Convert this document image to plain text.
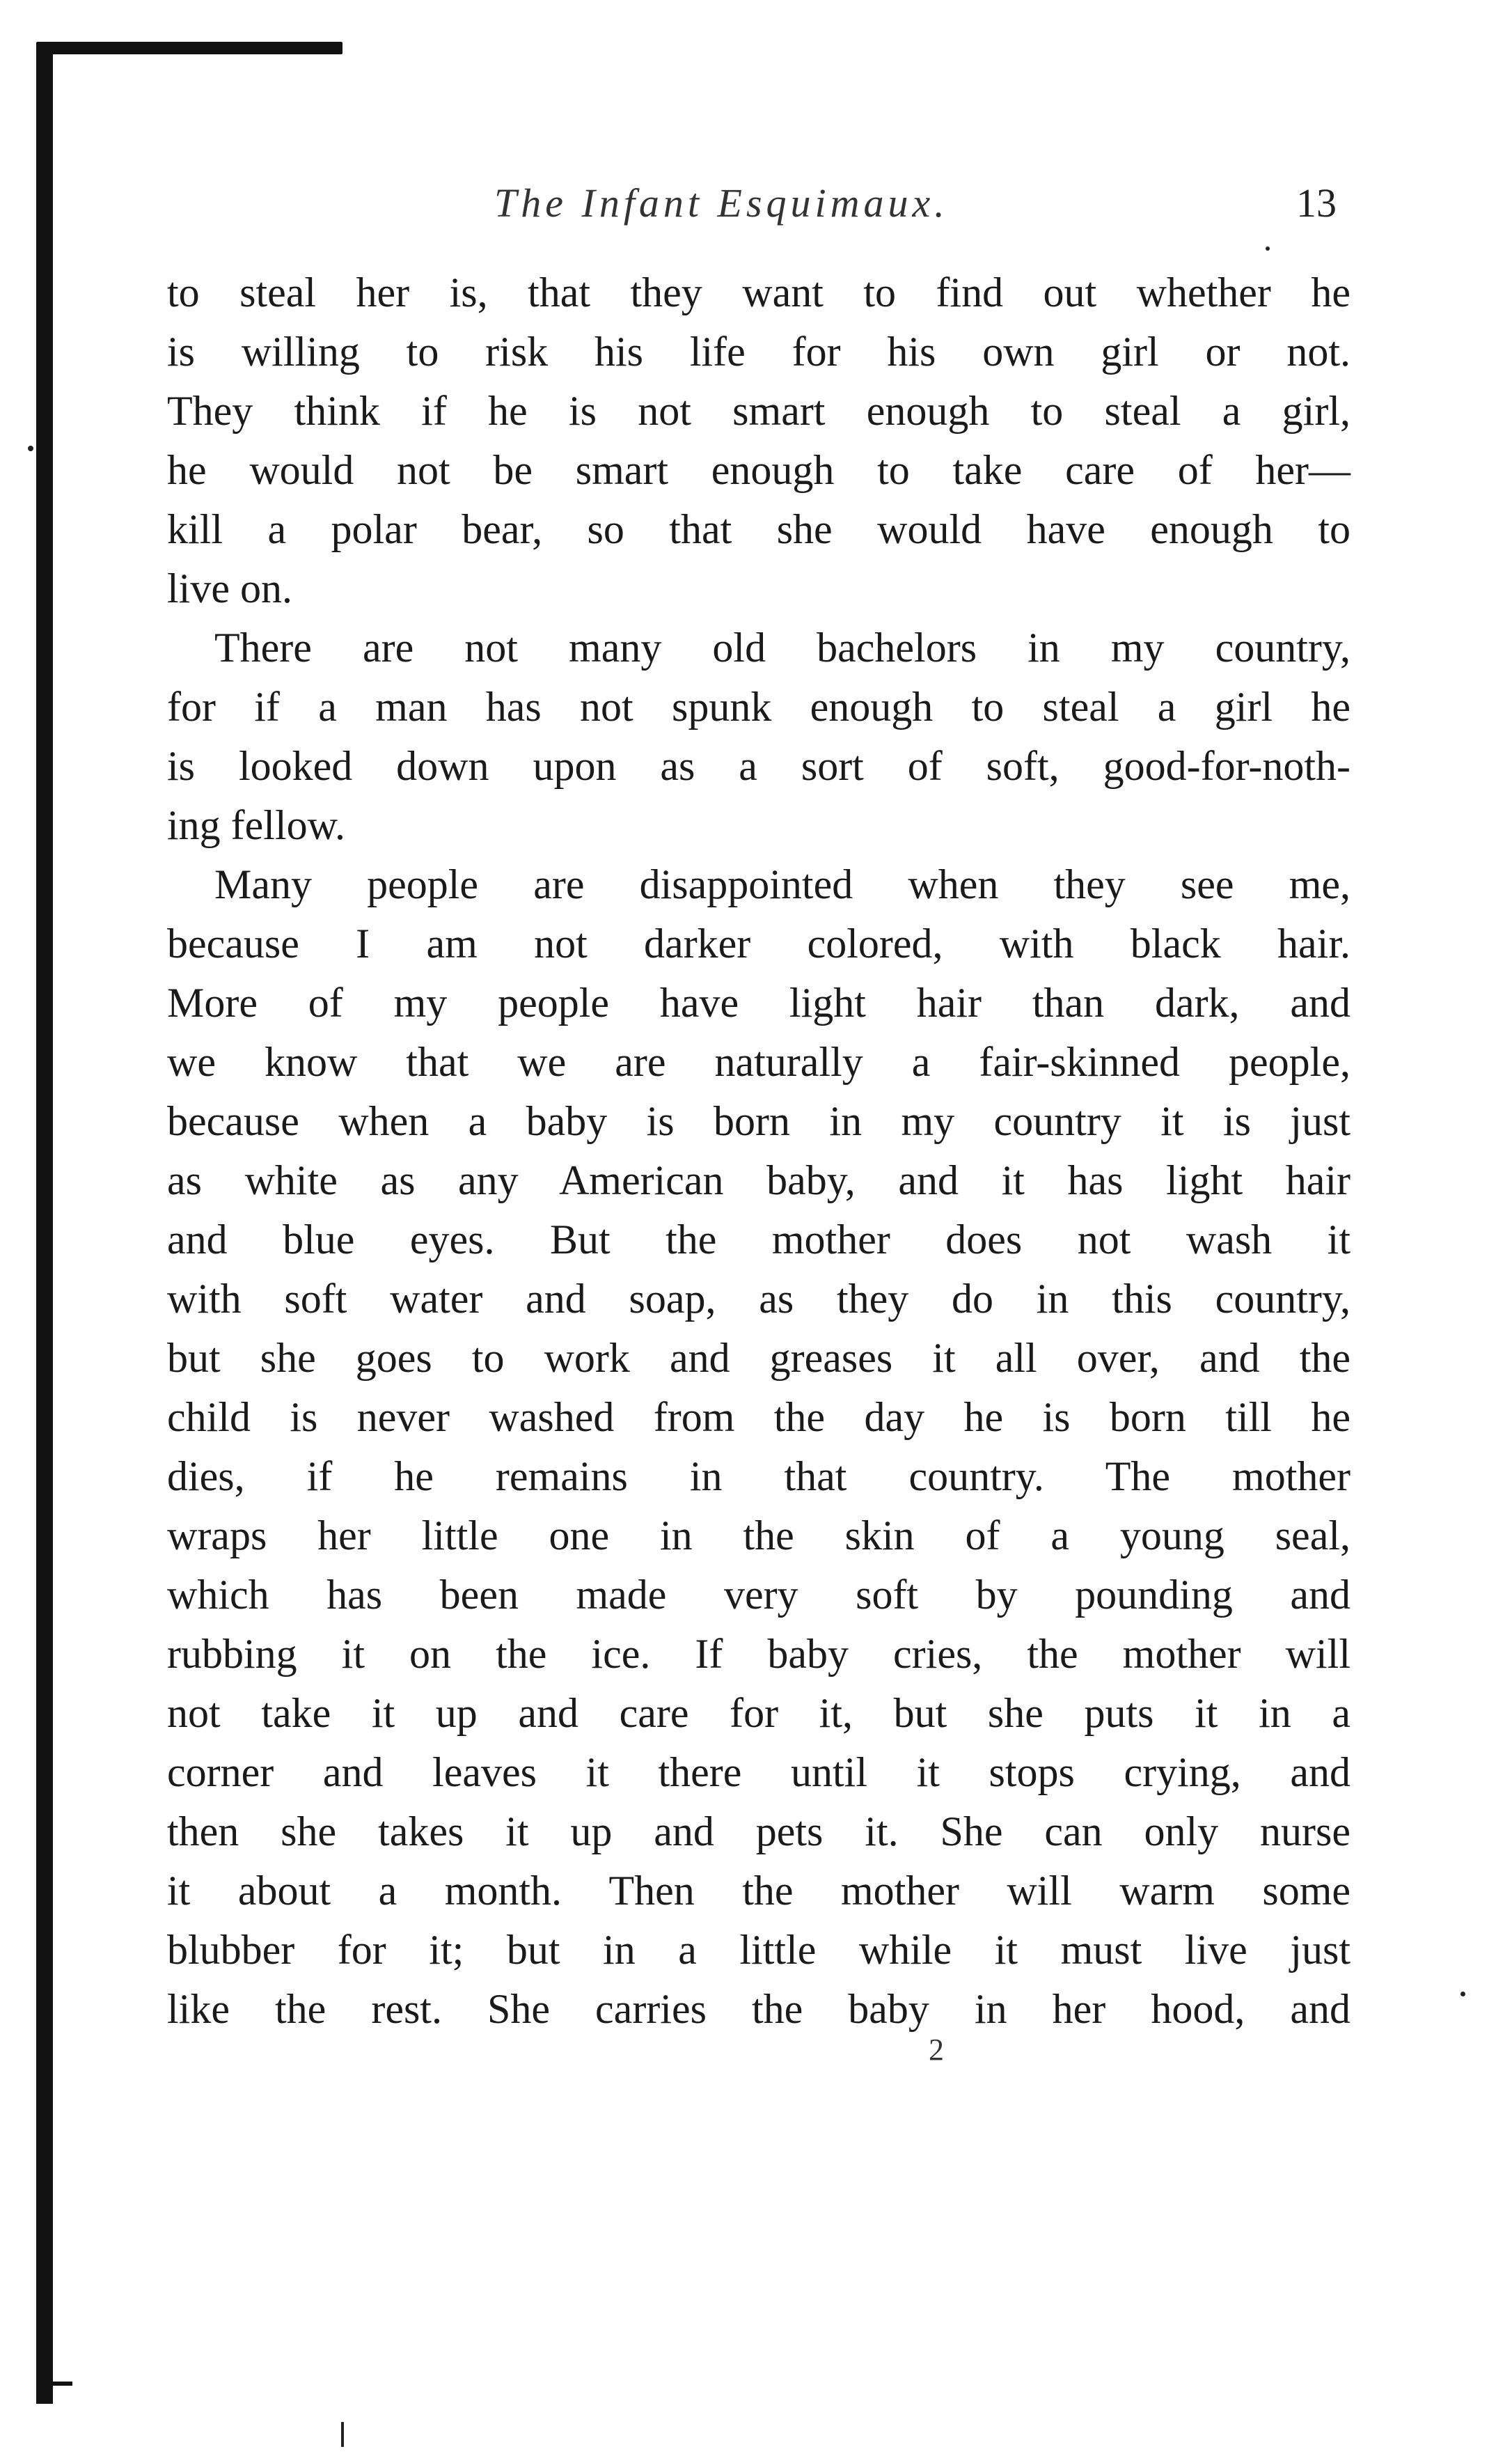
The Infant Esquimaux.	13
to steal her is, that they want to find out whether he
is willing to risk his life for his own girl or not.
They think if he is not smart enough to steal a girl,
he would not be smart enough to take care of her—
kill a polar bear, so that she would have enough to
live on.
There are not many old bachelors in my country,
for if a man has not spunk enough to steal a girl he
is looked down upon as a sort of soft, good-for-noth-
ing fellow.
Many people are disappointed when they see me,
because I am not darker colored, with black hair.
More of my people have light hair than dark, and
we know that we are naturally a fair-skinned people,
because when a baby is born in my country it is just
as white as any American baby, and it has light hair
and blue eyes. But the mother does not wash it
with soft water and soap, as they do in this country,
but she goes to work and greases it all over, and the
child is never washed from the day he is born till he
dies, if he remains in that country. The mother
wraps her little one in the skin of a young seal,
which has been made very soft by pounding and
rubbing it on the ice. If baby cries, the mother will
not take it up and care for it, but she puts it in a
corner and leaves it there until it stops crying, and
then she takes it up and pets it. She can only nurse
it about a month. Then the mother will warm some
blubber for it; but in a little while it must live just
like the rest. She carries the baby in her hood, and
2
